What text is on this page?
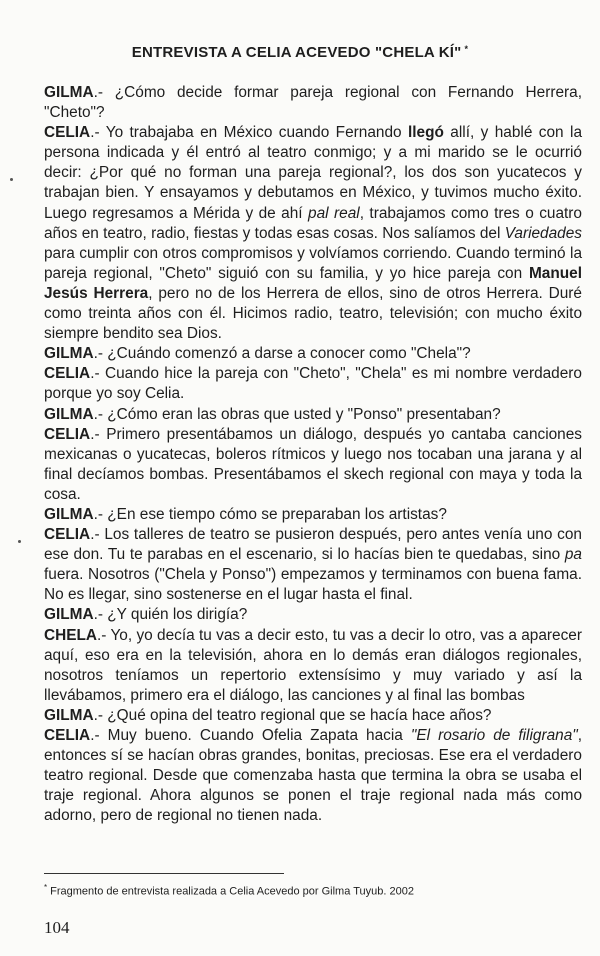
ENTREVISTA A CELIA ACEVEDO "CHELA KÍ" *

GILMA.- ¿Cómo decide formar pareja regional con Fernando Herrera, "Cheto"?

CELIA.- Yo trabajaba en México cuando Fernando llegó allí, y hablé con la persona indicada y él entró al teatro conmigo; y a mi marido se le ocurrió decir: ¿Por qué no forman una pareja regional?, los dos son yucatecos y trabajan bien. Y ensayamos y debutamos en México, y tuvimos mucho éxito. Luego regresamos a Mérida y de ahí pal real, trabajamos como tres o cuatro años en teatro, radio, fiestas y todas esas cosas. Nos salíamos del Variedades para cumplir con otros compromisos y volvíamos corriendo. Cuando terminó la pareja regional, "Cheto" siguió con su familia, y yo hice pareja con Manuel Jesús Herrera, pero no de los Herrera de ellos, sino de otros Herrera. Duré como treinta años con él. Hicimos radio, teatro, televisión; con mucho éxito siempre bendito sea Dios.

GILMA.- ¿Cuándo comenzó a darse a conocer como "Chela"?

CELIA.- Cuando hice la pareja con "Cheto", "Chela" es mi nombre verdadero porque yo soy Celia.

GILMA.- ¿Cómo eran las obras que usted y "Ponso" presentaban?

CELIA.- Primero presentábamos un diálogo, después yo cantaba canciones mexicanas o yucatecas, boleros rítmicos y luego nos tocaban una jarana y al final decíamos bombas. Presentábamos el skech regional con maya y toda la cosa.

GILMA.- ¿En ese tiempo cómo se preparaban los artistas?

CELIA.- Los talleres de teatro se pusieron después, pero antes venía uno con ese don. Tu te parabas en el escenario, si lo hacías bien te quedabas, sino pa fuera. Nosotros ("Chela y Ponso") empezamos y terminamos con buena fama. No es llegar, sino sostenerse en el lugar hasta el final.

GILMA.- ¿Y quién los dirigía?

CHELA.- Yo, yo decía tu vas a decir esto, tu vas a decir lo otro, vas a aparecer aquí, eso era en la televisión, ahora en lo demás eran diálogos regionales, nosotros teníamos un repertorio extensísimo y muy variado y así la llevábamos, primero era el diálogo, las canciones y al final las bombas

GILMA.- ¿Qué opina del teatro regional que se hacía hace años?

CELIA.- Muy bueno. Cuando Ofelia Zapata hacia "El rosario de filigrana", entonces sí se hacían obras grandes, bonitas, preciosas. Ese era el verdadero teatro regional. Desde que comenzaba hasta que termina la obra se usaba el traje regional. Ahora algunos se ponen el traje regional nada más como adorno, pero de regional no tienen nada.

* Fragmento de entrevista realizada a Celia Acevedo por Gilma Tuyub. 2002
104
